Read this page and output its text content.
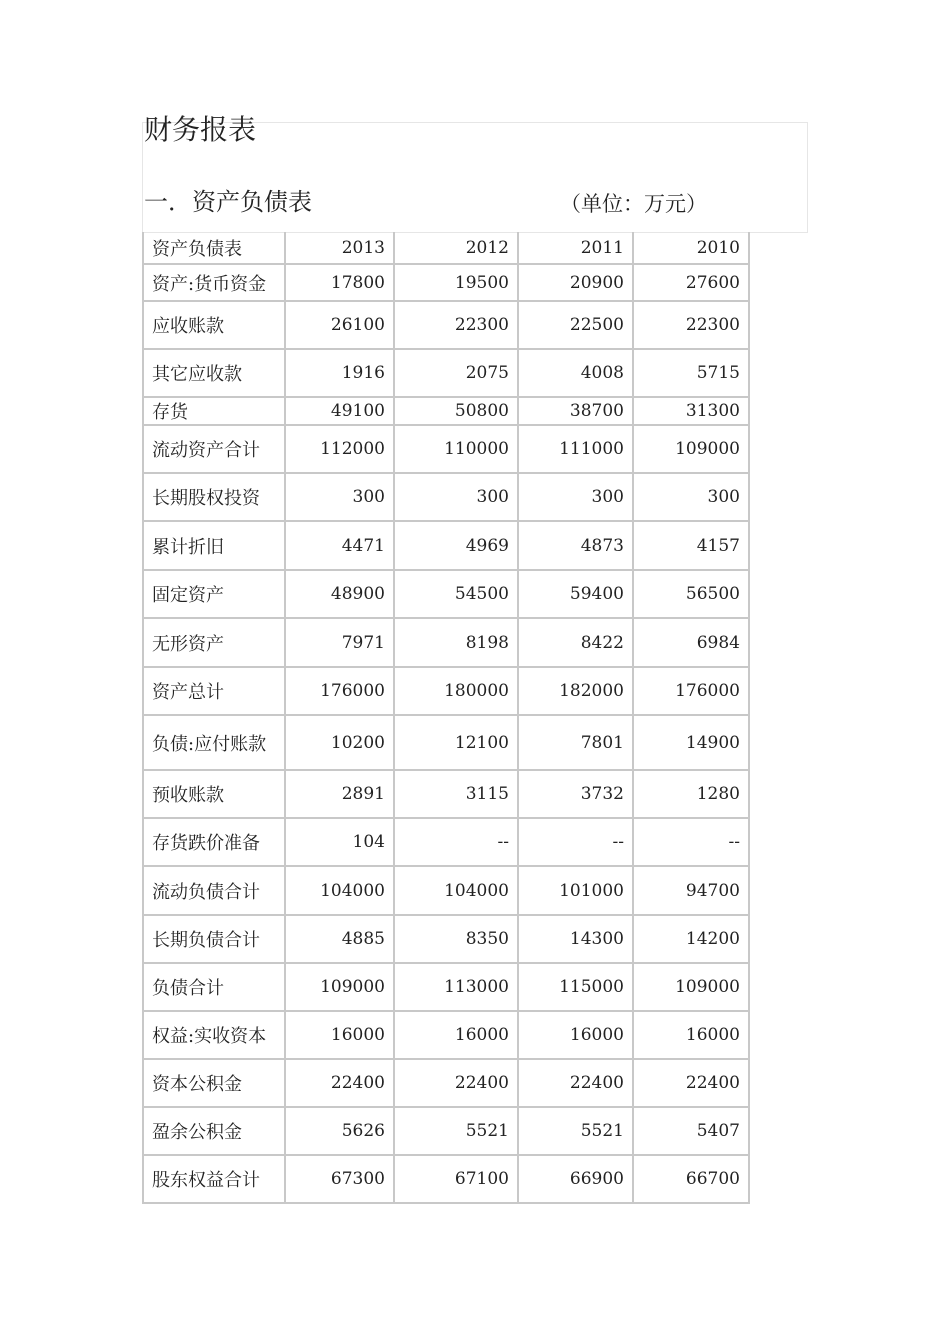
财务报表
一．资产负债表	（单位：万元）
资产负债表	2013	2012	2011	2010
资产:货币资金	17800	19500	20900	27600
应收账款	26100	22300	22500	22300
其它应收款	1916	2075	4008	5715
存货	49100	50800	38700	31300
流动资产合计	112000	110000	111000	109000
长期股权投资	300	300	300	300
累计折旧	4471	4969	4873	4157
固定资产	48900	54500	59400	56500
无形资产	7971	8198	8422	6984
资产总计	176000	180000	182000	176000
负债:应付账款	10200	12100	7801	14900
预收账款	2891	3115	3732	1280
存货跌价准备	104	--	--	--
流动负债合计	104000	104000	101000	94700
长期负债合计	4885	8350	14300	14200
负债合计	109000	113000	115000	109000
权益:实收资本	16000	16000	16000	16000
资本公积金	22400	22400	22400	22400
盈余公积金	5626	5521	5521	5407
股东权益合计	67300	67100	66900	66700
